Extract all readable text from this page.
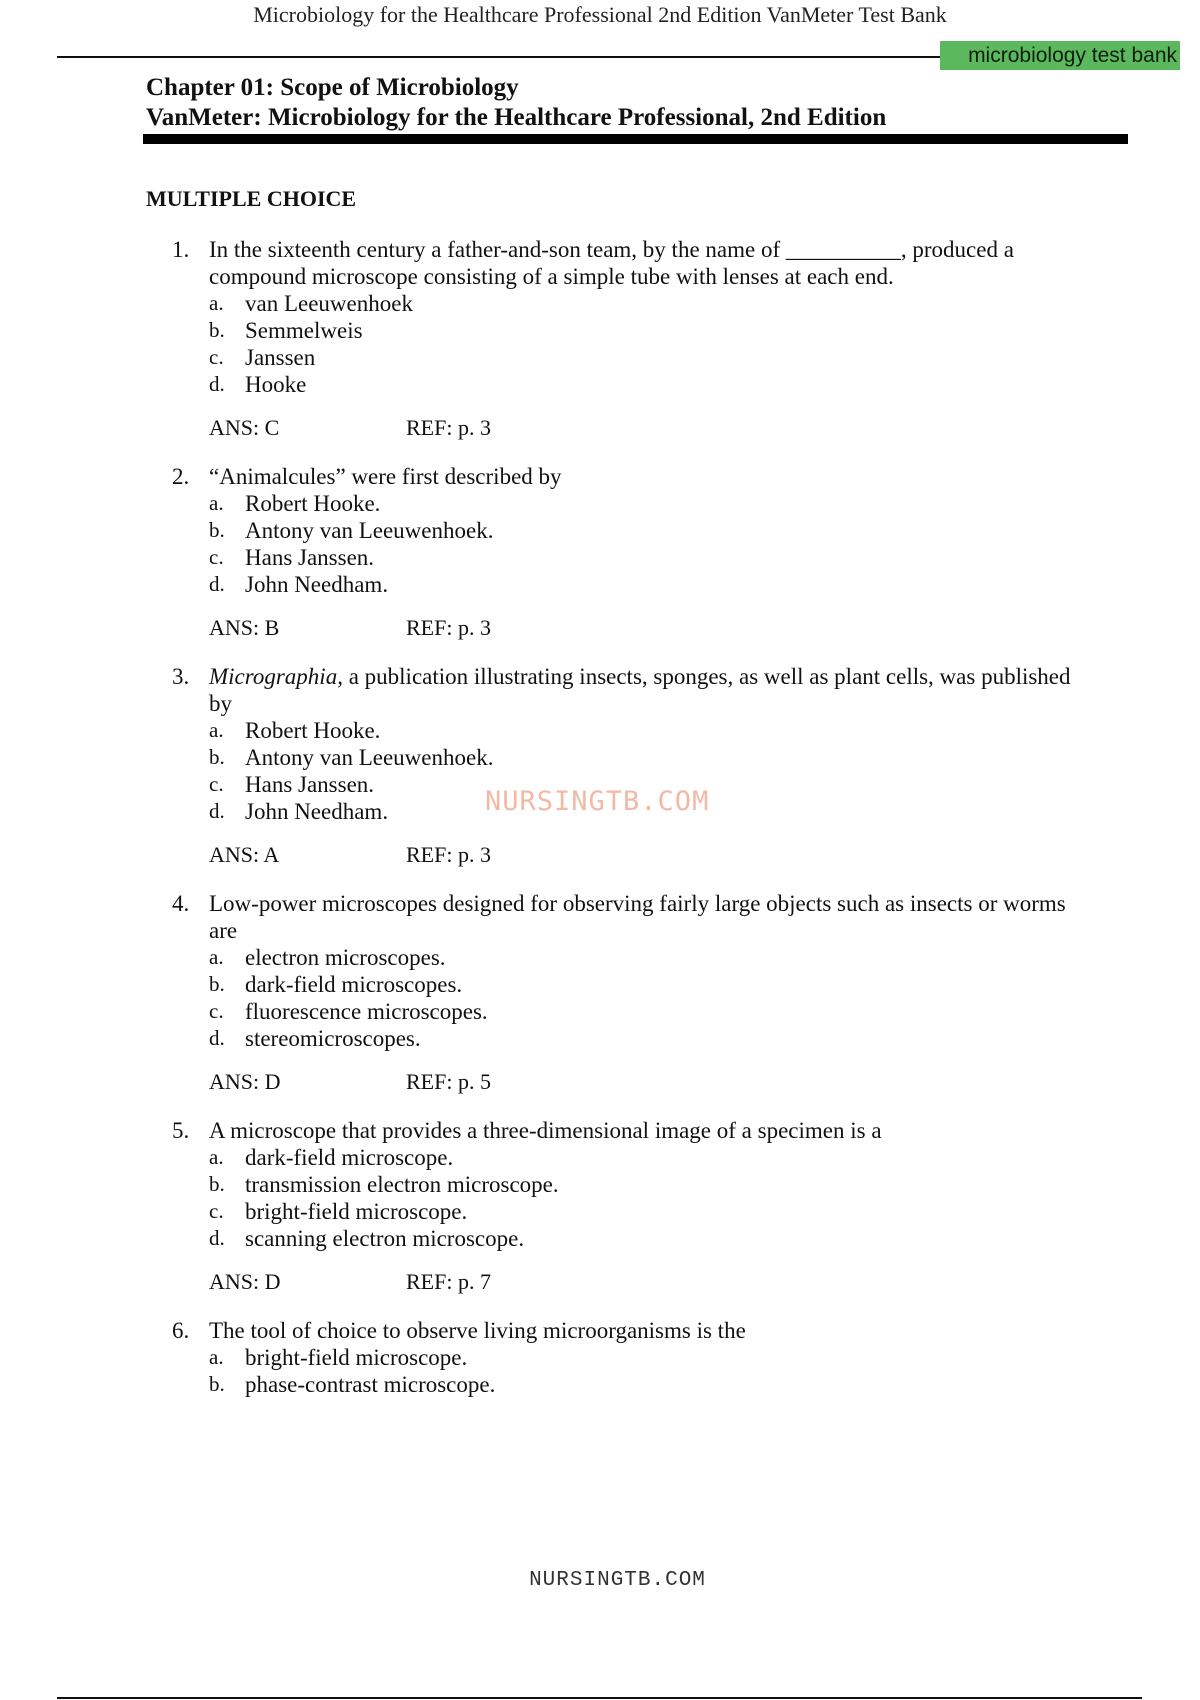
Microbiology for the Healthcare Professional 2nd Edition VanMeter Test Bank
microbiology test bank
Chapter 01: Scope of Microbiology
VanMeter: Microbiology for the Healthcare Professional, 2nd Edition
MULTIPLE CHOICE

1. In the sixteenth century a father-and-son team, by the name of __________, produced a

compound microscope consisting of a simple tube with lenses at each end.

a. van Leeuwenhoek
b. Semmelweis
c. Janssen
d. Hooke
ANS: C	REF: p. 3

2. “Animalcules” were first described by

a. Robert Hooke.
b. Antony van Leeuwenhoek.
c. Hans Janssen.
d. John Needham.
ANS: B	REF: p. 3

3. Micrographia, a publication illustrating insects, sponges, as well as plant cells, was published

by

a. Robert Hooke.
b. Antony van Leeuwenhoek.
c. Hans Janssen.
d. John Needham.
ANS: A	REF: p. 3

4. Low-power microscopes designed for observing fairly large objects such as insects or worms

are

a. electron microscopes.
b. dark-field microscopes.
c. fluorescence microscopes.
d. stereomicroscopes.
ANS: D	REF: p. 5

5. A microscope that provides a three-dimensional image of a specimen is a

a. dark-field microscope.
b. transmission electron microscope.
c. bright-field microscope.
d. scanning electron microscope.
ANS: D	REF: p. 7

6. The tool of choice to observe living microorganisms is the

a. bright-field microscope.
b. phase-contrast microscope.
NURSINGTB.COM
NURSINGTB.COM
